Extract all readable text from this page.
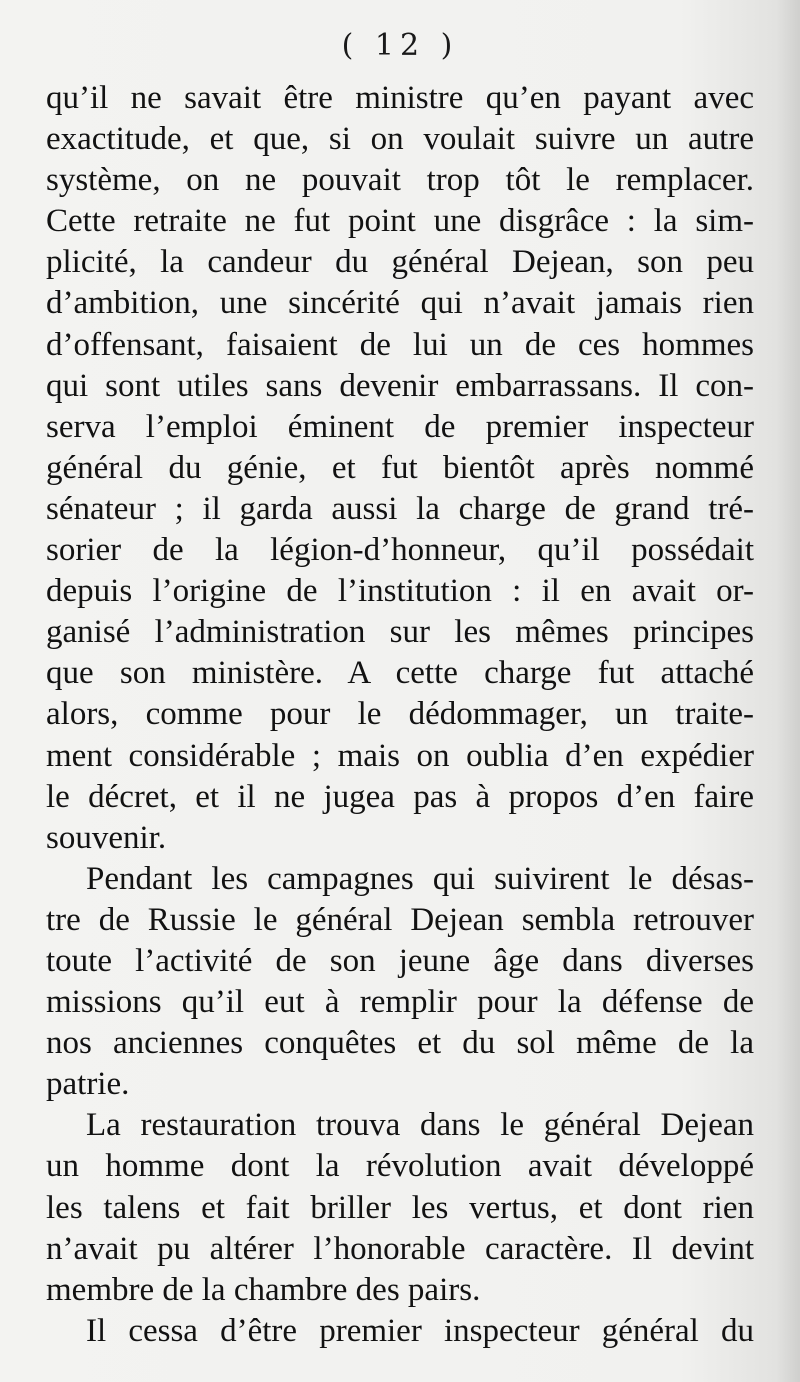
( 12 )
qu’il ne savait être ministre qu’en payant avec
exactitude, et que, si on voulait suivre un autre
système, on ne pouvait trop tôt le remplacer.
Cette retraite ne fut point une disgrâce : la sim-
plicité, la candeur du général Dejean, son peu
d’ambition, une sincérité qui n’avait jamais rien
d’offensant, faisaient de lui un de ces hommes
qui sont utiles sans devenir embarrassans. Il con-
serva l’emploi éminent de premier inspecteur
général du génie, et fut bientôt après nommé
sénateur ; il garda aussi la charge de grand tré-
sorier de la légion-d’honneur, qu’il possédait
depuis l’origine de l’institution : il en avait or-
ganisé l’administration sur les mêmes principes
que son ministère. A cette charge fut attaché
alors, comme pour le dédommager, un traite-
ment considérable ; mais on oublia d’en expédier
le décret, et il ne jugea pas à propos d’en faire
souvenir.
Pendant les campagnes qui suivirent le désas-
tre de Russie le général Dejean sembla retrouver
toute l’activité de son jeune âge dans diverses
missions qu’il eut à remplir pour la défense de
nos anciennes conquêtes et du sol même de la
patrie.
La restauration trouva dans le général Dejean
un homme dont la révolution avait développé
les talens et fait briller les vertus, et dont rien
n’avait pu altérer l’honorable caractère. Il devint
membre de la chambre des pairs.
Il cessa d’être premier inspecteur général du
